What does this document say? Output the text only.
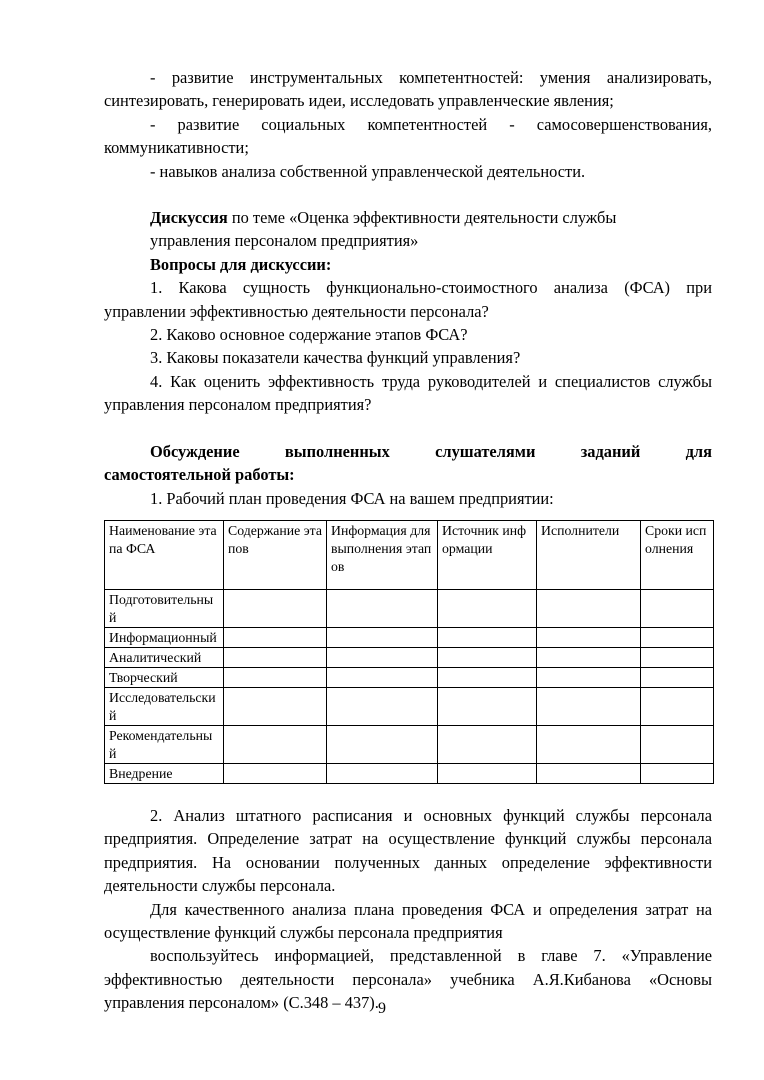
- развитие инструментальных компетентностей: умения анализировать, синтезировать, генерировать идеи, исследовать управленческие явления;

- развитие социальных компетентностей - самосовершенствования, коммуникативности;

- навыков анализа собственной управленческой деятельности.

Дискуссия по теме «Оценка эффективности деятельности службы

управления персоналом предприятия»

Вопросы для дискуссии:

1. Какова сущность функционально-стоимостного анализа (ФСА) при управлении эффективностью деятельности персонала?

2. Каково основное содержание этапов ФСА?

3. Каковы показатели качества функций управления?

4. Как оценить эффективность труда руководителей и специалистов службы управления персоналом предприятия?

Обсуждение	выполненных	слушателями	заданий	для

самостоятельной работы:

1. Рабочий план проведения ФСА на вашем предприятии:

Наименование этапа ФСА	Содержание этапов	Информация для выполнения этапов	Источник информации	Исполнители	Сроки исполнения
Подготовительный					
Информационный					
Аналитический					
Творческий					
Исследовательский					
Рекомендательный					
Внедрение					

2. Анализ штатного расписания и основных функций службы персонала предприятия. Определение затрат на осуществление функций службы персонала предприятия. На основании полученных данных определение эффективности деятельности службы персонала.

Для качественного анализа плана проведения ФСА и определения затрат на осуществление функций службы персонала предприятия

воспользуйтесь информацией, представленной в главе 7. «Управление эффективностью деятельности персонала» учебника А.Я.Кибанова «Основы управления персоналом» (С.348 – 437). 9
